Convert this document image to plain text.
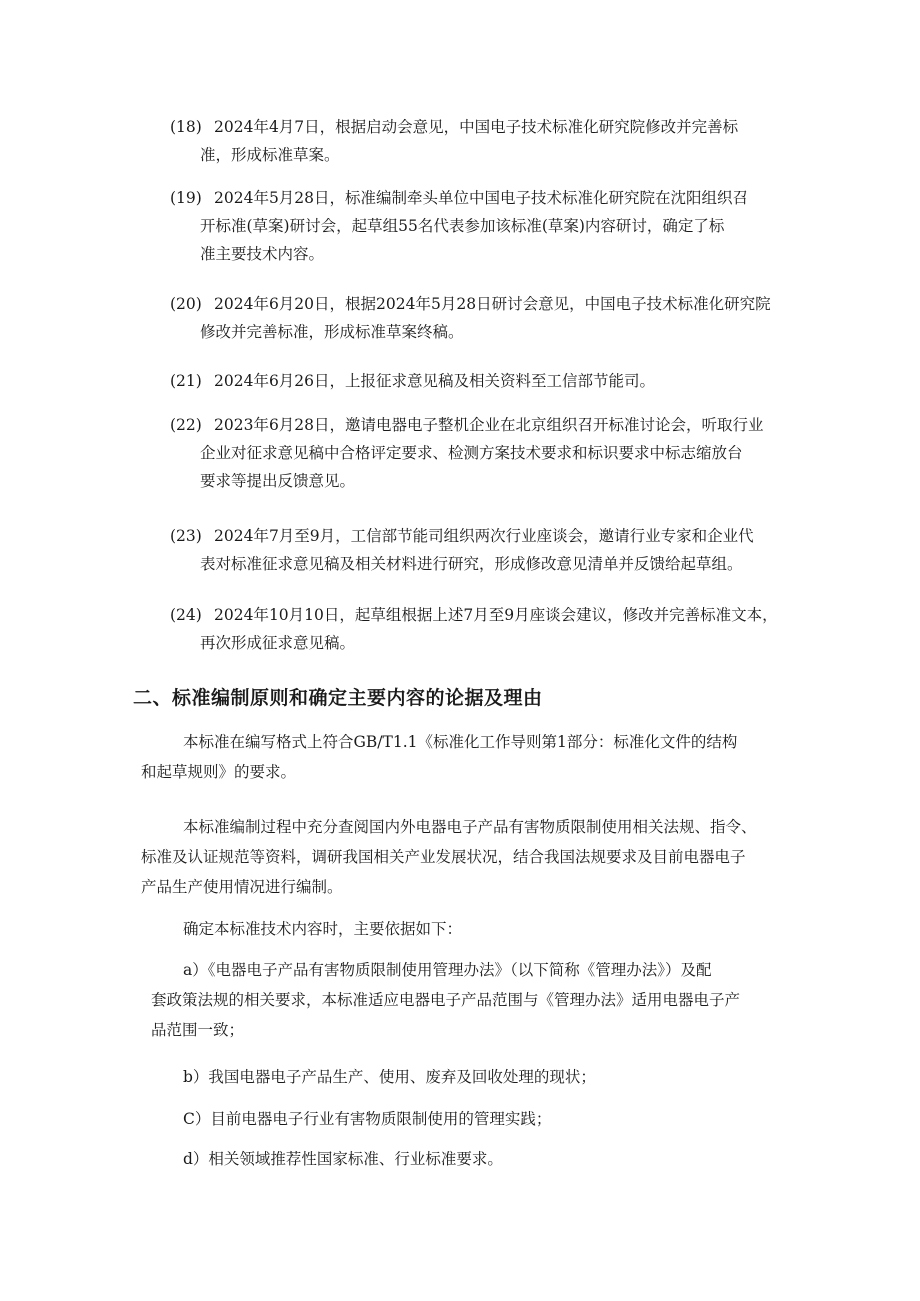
(18) 2024年4月7日，根据启动会意见，中国电子技术标准化研究院修改并完善标
准，形成标准草案。
(19) 2024年5月28日，标准编制牵头单位中国电子技术标准化研究院在沈阳组织召
开标准(草案)研讨会，起草组55名代表参加该标准(草案)内容研讨，确定了标
准主要技术内容。
(20) 2024年6月20日，根据2024年5月28日研讨会意见，中国电子技术标准化研究院
修改并完善标准，形成标准草案终稿。
(21) 2024年6月26日，上报征求意见稿及相关资料至工信部节能司。
(22) 2023年6月28日，邀请电器电子整机企业在北京组织召开标准讨论会，听取行业
企业对征求意见稿中合格评定要求、检测方案技术要求和标识要求中标志缩放台
要求等提出反馈意见。
(23) 2024年7月至9月，工信部节能司组织两次行业座谈会，邀请行业专家和企业代
表对标准征求意见稿及相关材料进行研究，形成修改意见清单并反馈给起草组。
(24) 2024年10月10日，起草组根据上述7月至9月座谈会建议，修改并完善标准文本，
再次形成征求意见稿。
二、标准编制原则和确定主要内容的论据及理由
本标准在编写格式上符合GB/T1.1《标准化工作导则第1部分：标准化文件的结构
和起草规则》的要求。
本标准编制过程中充分查阅国内外电器电子产品有害物质限制使用相关法规、指令、
标准及认证规范等资料，调研我国相关产业发展状况，结合我国法规要求及目前电器电子
产品生产使用情况进行编制。
确定本标准技术内容时，主要依据如下：
a）《电器电子产品有害物质限制使用管理办法》（以下简称《管理办法》）及配
套政策法规的相关要求，本标准适应电器电子产品范围与《管理办法》适用电器电子产
品范围一致；
b）我国电器电子产品生产、使用、废弃及回收处理的现状；
C）目前电器电子行业有害物质限制使用的管理实践；
d）相关领域推荐性国家标准、行业标准要求。
